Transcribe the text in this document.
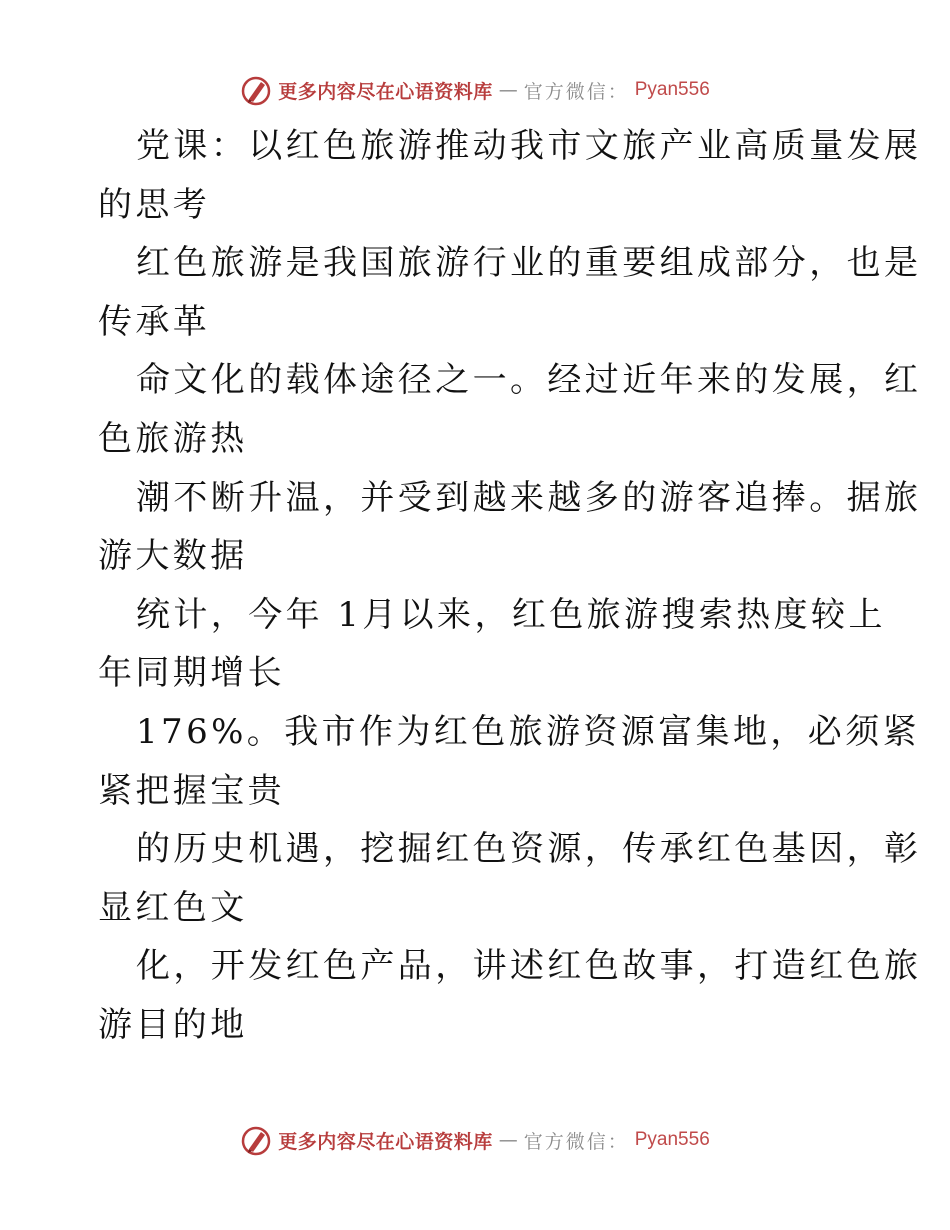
更多内容尽在心语资料库 — 官方微信： Pyan556
党课：以红色旅游推动我市文旅产业高质量发展
的思考
红色旅游是我国旅游行业的重要组成部分，也是
传承革
命文化的载体途径之一。经过近年来的发展，红
色旅游热
潮不断升温，并受到越来越多的游客追捧。据旅
游大数据
统计，今年 1月以来，红色旅游搜索热度较上
年同期增长
176%。我市作为红色旅游资源富集地，必须紧
紧把握宝贵
的历史机遇，挖掘红色资源，传承红色基因，彰
显红色文
化，开发红色产品，讲述红色故事，打造红色旅
游目的地
更多内容尽在心语资料库 — 官方微信： Pyan556
